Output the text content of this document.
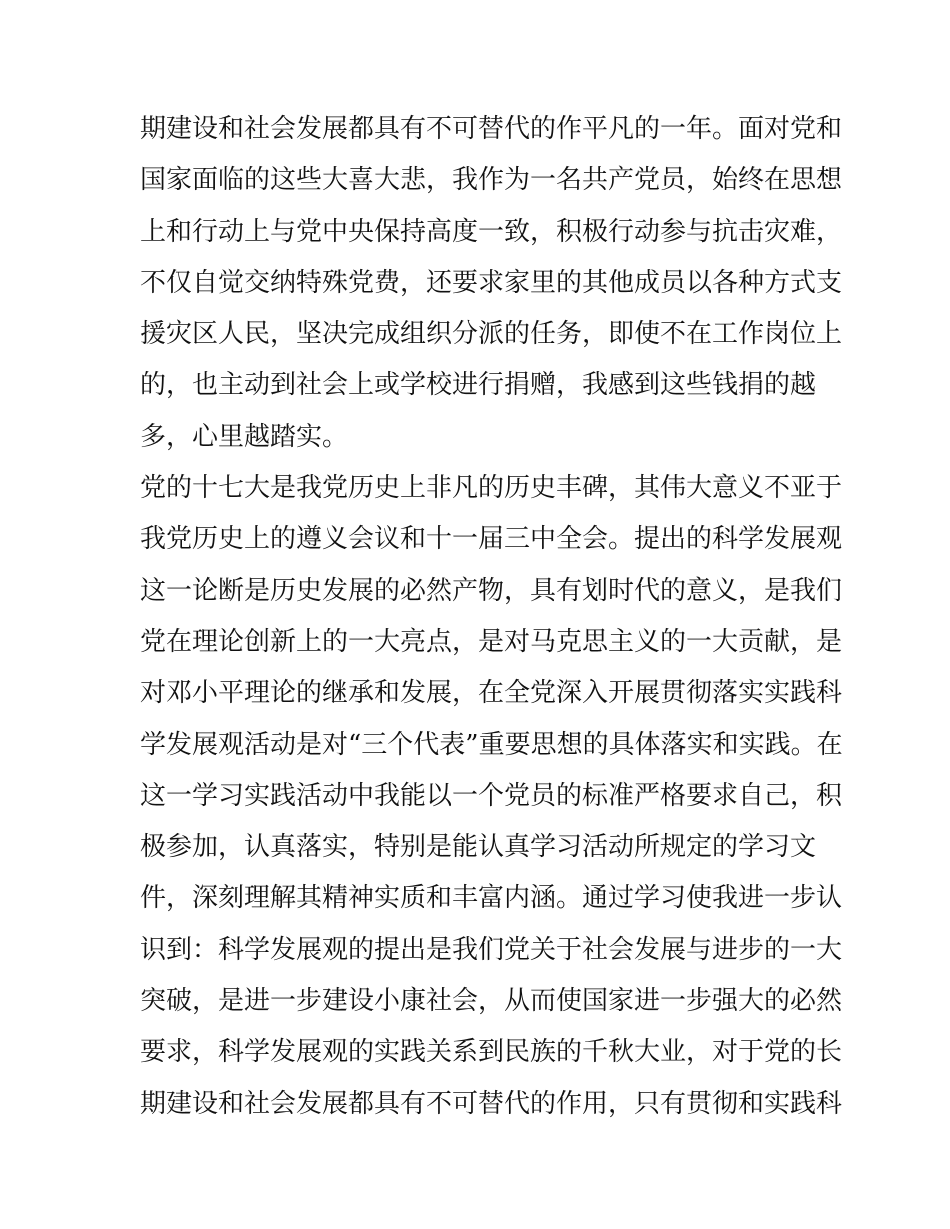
期建设和社会发展都具有不可替代的作平凡的一年。面对党和
国家面临的这些大喜大悲，我作为一名共产党员，始终在思想
上和行动上与党中央保持高度一致，积极行动参与抗击灾难，
不仅自觉交纳特殊党费，还要求家里的其他成员以各种方式支
援灾区人民，坚决完成组织分派的任务，即使不在工作岗位上
的，也主动到社会上或学校进行捐赠，我感到这些钱捐的越
多，心里越踏实。
党的十七大是我党历史上非凡的历史丰碑，其伟大意义不亚于
我党历史上的遵义会议和十一届三中全会。提出的科学发展观
这一论断是历史发展的必然产物，具有划时代的意义，是我们
党在理论创新上的一大亮点，是对马克思主义的一大贡献，是
对邓小平理论的继承和发展，在全党深入开展贯彻落实实践科
学发展观活动是对“三个代表”重要思想的具体落实和实践。在
这一学习实践活动中我能以一个党员的标准严格要求自己，积
极参加，认真落实，特别是能认真学习活动所规定的学习文
件，深刻理解其精神实质和丰富内涵。通过学习使我进一步认
识到：科学发展观的提出是我们党关于社会发展与进步的一大
突破，是进一步建设小康社会，从而使国家进一步强大的必然
要求，科学发展观的实践关系到民族的千秋大业，对于党的长
期建设和社会发展都具有不可替代的作用，只有贯彻和实践科
